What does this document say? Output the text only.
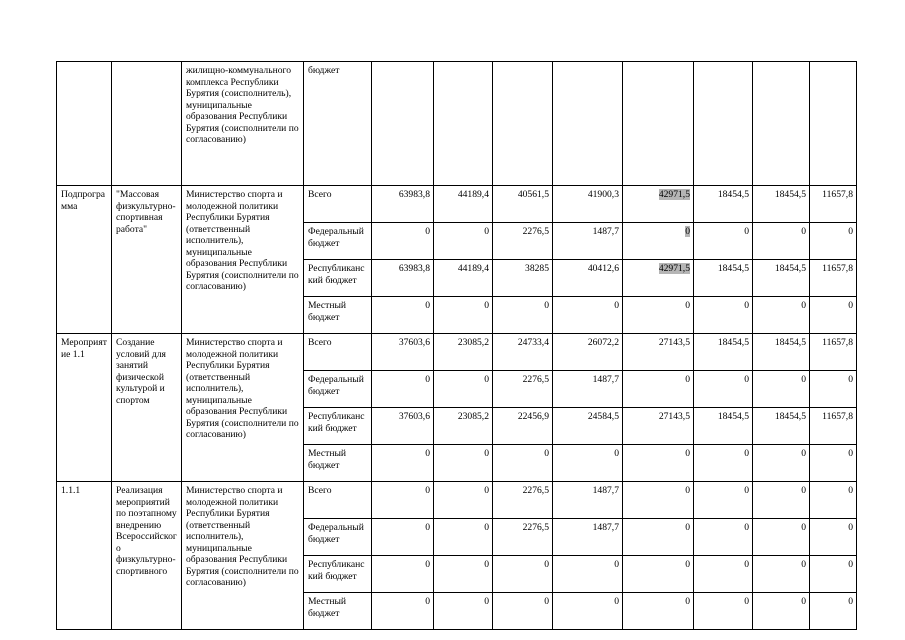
		жилищно-коммунального комплекса Республики Бурятия (соисполнитель), муниципальные образования Республики Бурятия (соисполнители по согласованию)	бюджет								
Подпрограмма	"Массовая физкультурно-спортивная работа"	Министерство спорта и молодежной политики Республики Бурятия (ответственный исполнитель), муниципальные образования Республики Бурятия (соисполнители по согласованию)	Всего	63983,8	44189,4	40561,5	41900,3	42971,5	18454,5	18454,5	11657,8
			Федеральный бюджет	0	0	2276,5	1487,7	0	0	0	0
			Республиканский бюджет	63983,8	44189,4	38285	40412,6	42971,5	18454,5	18454,5	11657,8
			Местный бюджет	0	0	0	0	0	0	0	0
Мероприятие 1.1	Создание условий для занятий физической культурой и спортом	Министерство спорта и молодежной политики Республики Бурятия (ответственный исполнитель), муниципальные образования Республики Бурятия (соисполнители по согласованию)	Всего	37603,6	23085,2	24733,4	26072,2	27143,5	18454,5	18454,5	11657,8
			Федеральный бюджет	0	0	2276,5	1487,7	0	0	0	0
			Республиканский бюджет	37603,6	23085,2	22456,9	24584,5	27143,5	18454,5	18454,5	11657,8
			Местный бюджет	0	0	0	0	0	0	0	0
1.1.1	Реализация мероприятий по поэтапному внедрению Всероссийского физкультурно-спортивного	Министерство спорта и молодежной политики Республики Бурятия (ответственный исполнитель), муниципальные образования Республики Бурятия (соисполнители по согласованию)	Всего	0	0	2276,5	1487,7	0	0	0	0
			Федеральный бюджет	0	0	2276,5	1487,7	0	0	0	0
			Республиканский бюджет	0	0	0	0	0	0	0	0
			Местный бюджет	0	0	0	0	0	0	0	0
